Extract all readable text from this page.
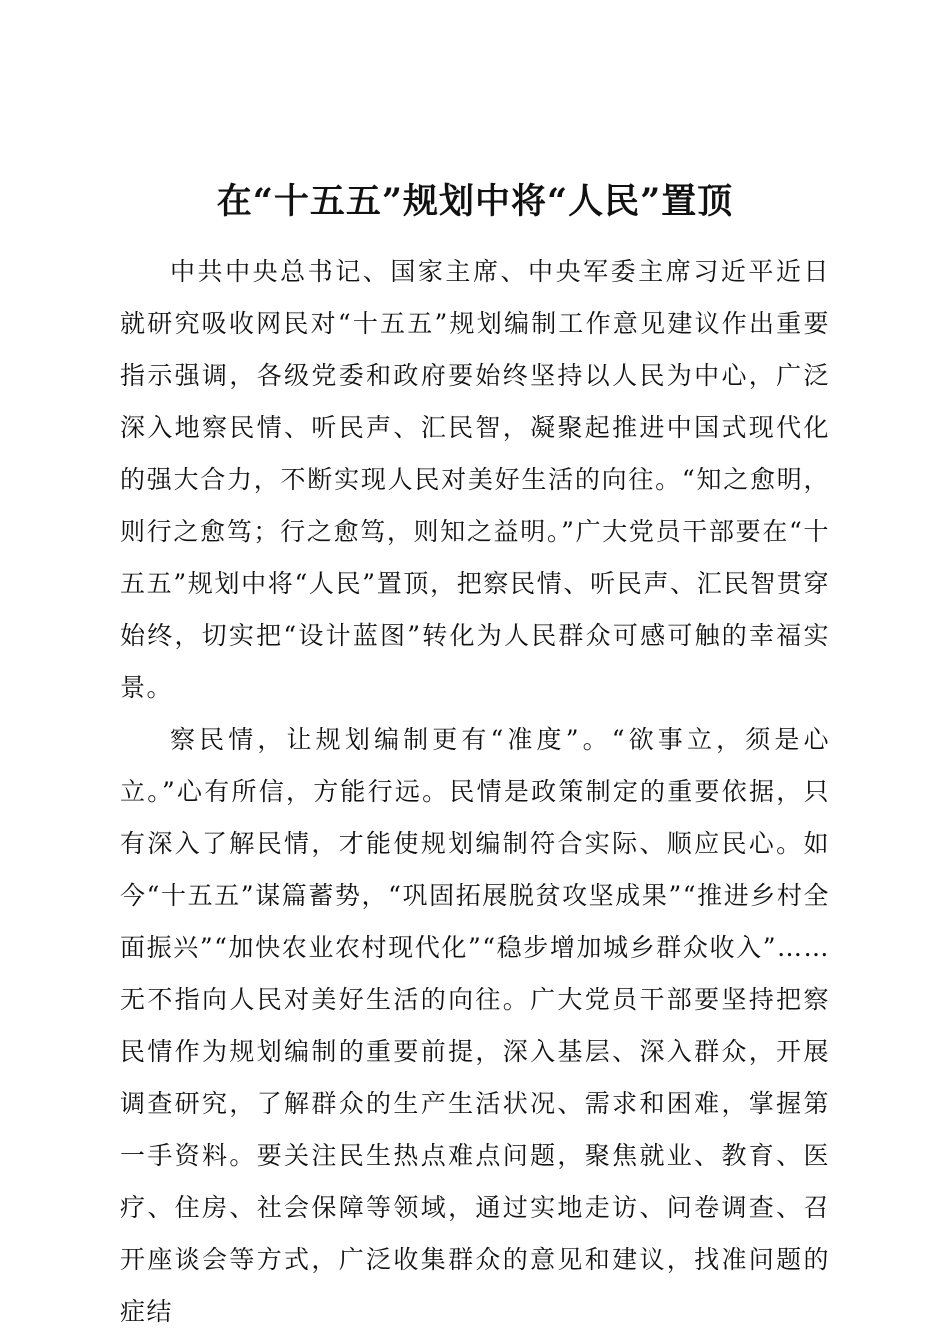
在“十五五”规划中将“人民”置顶

中共中央总书记、国家主席、中央军委主席习近平近日就研究吸收网民对“十五五”规划编制工作意见建议作出重要指示强调，各级党委和政府要始终坚持以人民为中心，广泛深入地察民情、听民声、汇民智，凝聚起推进中国式现代化的强大合力，不断实现人民对美好生活的向往。“知之愈明，则行之愈笃；行之愈笃，则知之益明。”广大党员干部要在“十五五”规划中将“人民”置顶，把察民情、听民声、汇民智贯穿始终，切实把“设计蓝图”转化为人民群众可感可触的幸福实景。

察民情，让规划编制更有“准度”。“欲事立，须是心立。”心有所信，方能行远。民情是政策制定的重要依据，只有深入了解民情，才能使规划编制符合实际、顺应民心。如今“十五五”谋篇蓄势，“巩固拓展脱贫攻坚成果”“推进乡村全面振兴”“加快农业农村现代化”“稳步增加城乡群众收入”……无不指向人民对美好生活的向往。广大党员干部要坚持把察民情作为规划编制的重要前提，深入基层、深入群众，开展调查研究，了解群众的生产生活状况、需求和困难，掌握第一手资料。要关注民生热点难点问题，聚焦就业、教育、医疗、住房、社会保障等领域，通过实地走访、问卷调查、召开座谈会等方式，广泛收集群众的意见和建议，找准问题的症结
